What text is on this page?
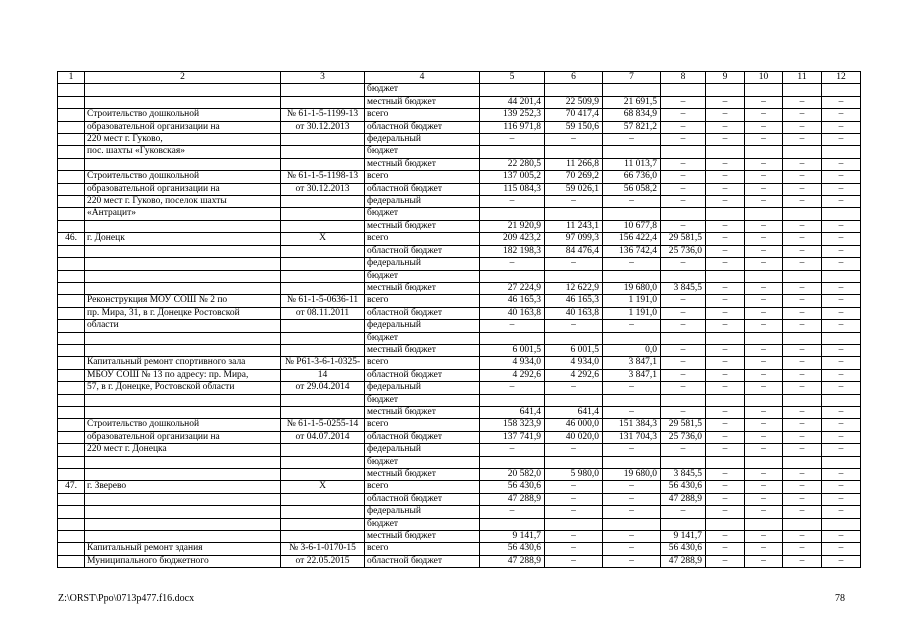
1	2	3	4	5	6	7	8	9	10	11	12
			бюджет								
			местный бюджет	44 201,4	22 509,9	21 691,5	–	–	–	–	–
	Строительство дошкольной	№ 61-1-5-1199-13	всего	139 252,3	70 417,4	68 834,9	–	–	–	–	–
	образовательной организации на	от 30.12.2013	областной бюджет	116 971,8	59 150,6	57 821,2	–	–	–	–	–
	220 мест г. Гуково,		федеральный	–	–	–	–	–	–	–	–
	пос. шахты «Гуковская»		бюджет								
			местный бюджет	22 280,5	11 266,8	11 013,7	–	–	–	–	–
	Строительство дошкольной	№ 61-1-5-1198-13	всего	137 005,2	70 269,2	66 736,0	–	–	–	–	–
	образовательной организации на	от 30.12.2013	областной бюджет	115 084,3	59 026,1	56 058,2	–	–	–	–	–
	220 мест г. Гуково, поселок шахты		федеральный	–	–	–	–	–	–	–	–
	«Антрацит»		бюджет								
			местный бюджет	21 920,9	11 243,1	10 677,8	–	–	–	–	–
46.	г. Донецк	Х	всего	209 423,2	97 099,3	156 422,4	29 581,5	–	–	–	–
			областной бюджет	182 198,3	84 476,4	136 742,4	25 736,0	–	–	–	–
			федеральный	–	–	–	–	–	–	–	–
			бюджет								
			местный бюджет	27 224,9	12 622,9	19 680,0	3 845,5	–	–	–	–
	Реконструкция МОУ СОШ № 2 по	№ 61-1-5-0636-11	всего	46 165,3	46 165,3	1 191,0	–	–	–	–	–
	пр. Мира, 31, в г. Донецке Ростовской	от 08.11.2011	областной бюджет	40 163,8	40 163,8	1 191,0	–	–	–	–	–
	области		федеральный	–	–	–	–	–	–	–	–
			бюджет								
			местный бюджет	6 001,5	6 001,5	0,0	–	–	–	–	–
	Капитальный ремонт спортивного зала	№ Р61-3-6-1-0325-	всего	4 934,0	4 934,0	3 847,1	–	–	–	–	–
	МБОУ СОШ № 13 по адресу: пр. Мира,	14	областной бюджет	4 292,6	4 292,6	3 847,1	–	–	–	–	–
	57, в г. Донецке, Ростовской области	от 29.04.2014	федеральный	–	–	–	–	–	–	–	–
			бюджет								
			местный бюджет	641,4	641,4	–	–	–	–	–	–
	Строительство дошкольной	№ 61-1-5-0255-14	всего	158 323,9	46 000,0	151 384,3	29 581,5	–	–	–	–
	образовательной организации на	от 04.07.2014	областной бюджет	137 741,9	40 020,0	131 704,3	25 736,0	–	–	–	–
	220 мест г. Донецка		федеральный	–	–	–	–	–	–	–	–
			бюджет								
			местный бюджет	20 582,0	5 980,0	19 680,0	3 845,5	–	–	–	–
47.	г. Зверево	Х	всего	56 430,6	–	–	56 430,6	–	–	–	–
			областной бюджет	47 288,9	–	–	47 288,9	–	–	–	–
			федеральный	–	–	–	–	–	–	–	–
			бюджет								
			местный бюджет	9 141,7	–	–	9 141,7	–	–	–	–
	Капитальный ремонт здания	№ 3-6-1-0170-15	всего	56 430,6	–	–	56 430,6	–	–	–	–
	Муниципального бюджетного	от 22.05.2015	областной бюджет	47 288,9	–	–	47 288,9	–	–	–	–
Z:\ORST\Ppo\0713p477.f16.docx	78
